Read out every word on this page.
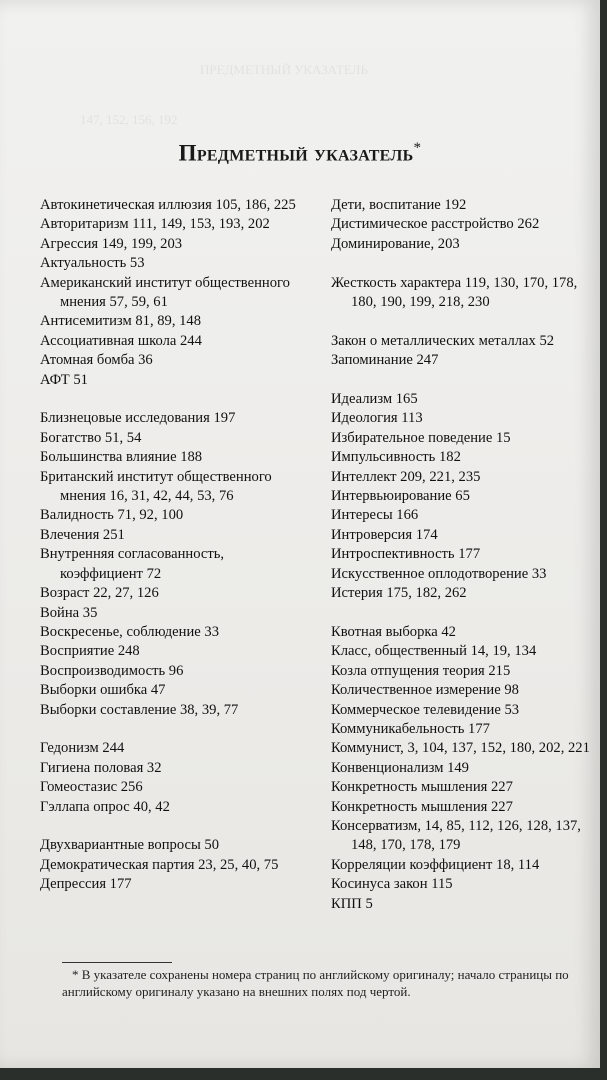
ПРЕДМЕТНЫЙ УКАЗАТЕЛЬ
147, 152, 156, 192
Предметный указатель*

Автокинетическая иллюзия 105, 186, 225

Авторитаризм 111, 149, 153, 193, 202

Агрессия 149, 199, 203

Актуальность 53

Американский институт общественного мнения 57, 59, 61

Антисемитизм 81, 89, 148

Ассоциативная школа 244

Атомная бомба 36

АФТ 51

Близнецовые исследования 197

Богатство 51, 54

Большинства влияние 188

Британский институт общественного мнения 16, 31, 42, 44, 53, 76

Валидность 71, 92, 100

Влечения 251

Внутренняя согласованность, коэффициент 72

Возраст 22, 27, 126

Война 35

Воскресенье, соблюдение 33

Восприятие 248

Воспроизводимость 96

Выборки ошибка 47

Выборки составление 38, 39, 77

Гедонизм 244

Гигиена половая 32

Гомеостазис 256

Гэллапа опрос 40, 42

Двухвариантные вопросы 50

Демократическая партия 23, 25, 40, 75

Депрессия 177

Дети, воспитание 192

Дистимическое расстройство 262

Доминирование, 203

Жесткость характера 119, 130, 170, 178, 180, 190, 199, 218, 230

Закон о металлических металлах 52

Запоминание 247

Идеализм 165

Идеология 113

Избирательное поведение 15

Импульсивность 182

Интеллект 209, 221, 235

Интервьюирование 65

Интересы 166

Интроверсия 174

Интроспективность 177

Искусственное оплодотворение 33

Истерия 175, 182, 262

Квотная выборка 42

Класс, общественный 14, 19, 134

Козла отпущения теория 215

Количественное измерение 98

Коммерческое телевидение 53

Коммуникабельность 177

Коммунист, 3, 104, 137, 152, 180, 202, 221

Конвенционализм 149

Конкретность мышления 227

Конкретность мышления 227

Консерватизм, 14, 85, 112, 126, 128, 137, 148, 170, 178, 179

Корреляции коэффициент 18, 114

Косинуса закон 115

КПП 5

* В указателе сохранены номера страниц по английскому оригиналу; начало страницы по английскому оригиналу указано на внешних полях под чертой.
